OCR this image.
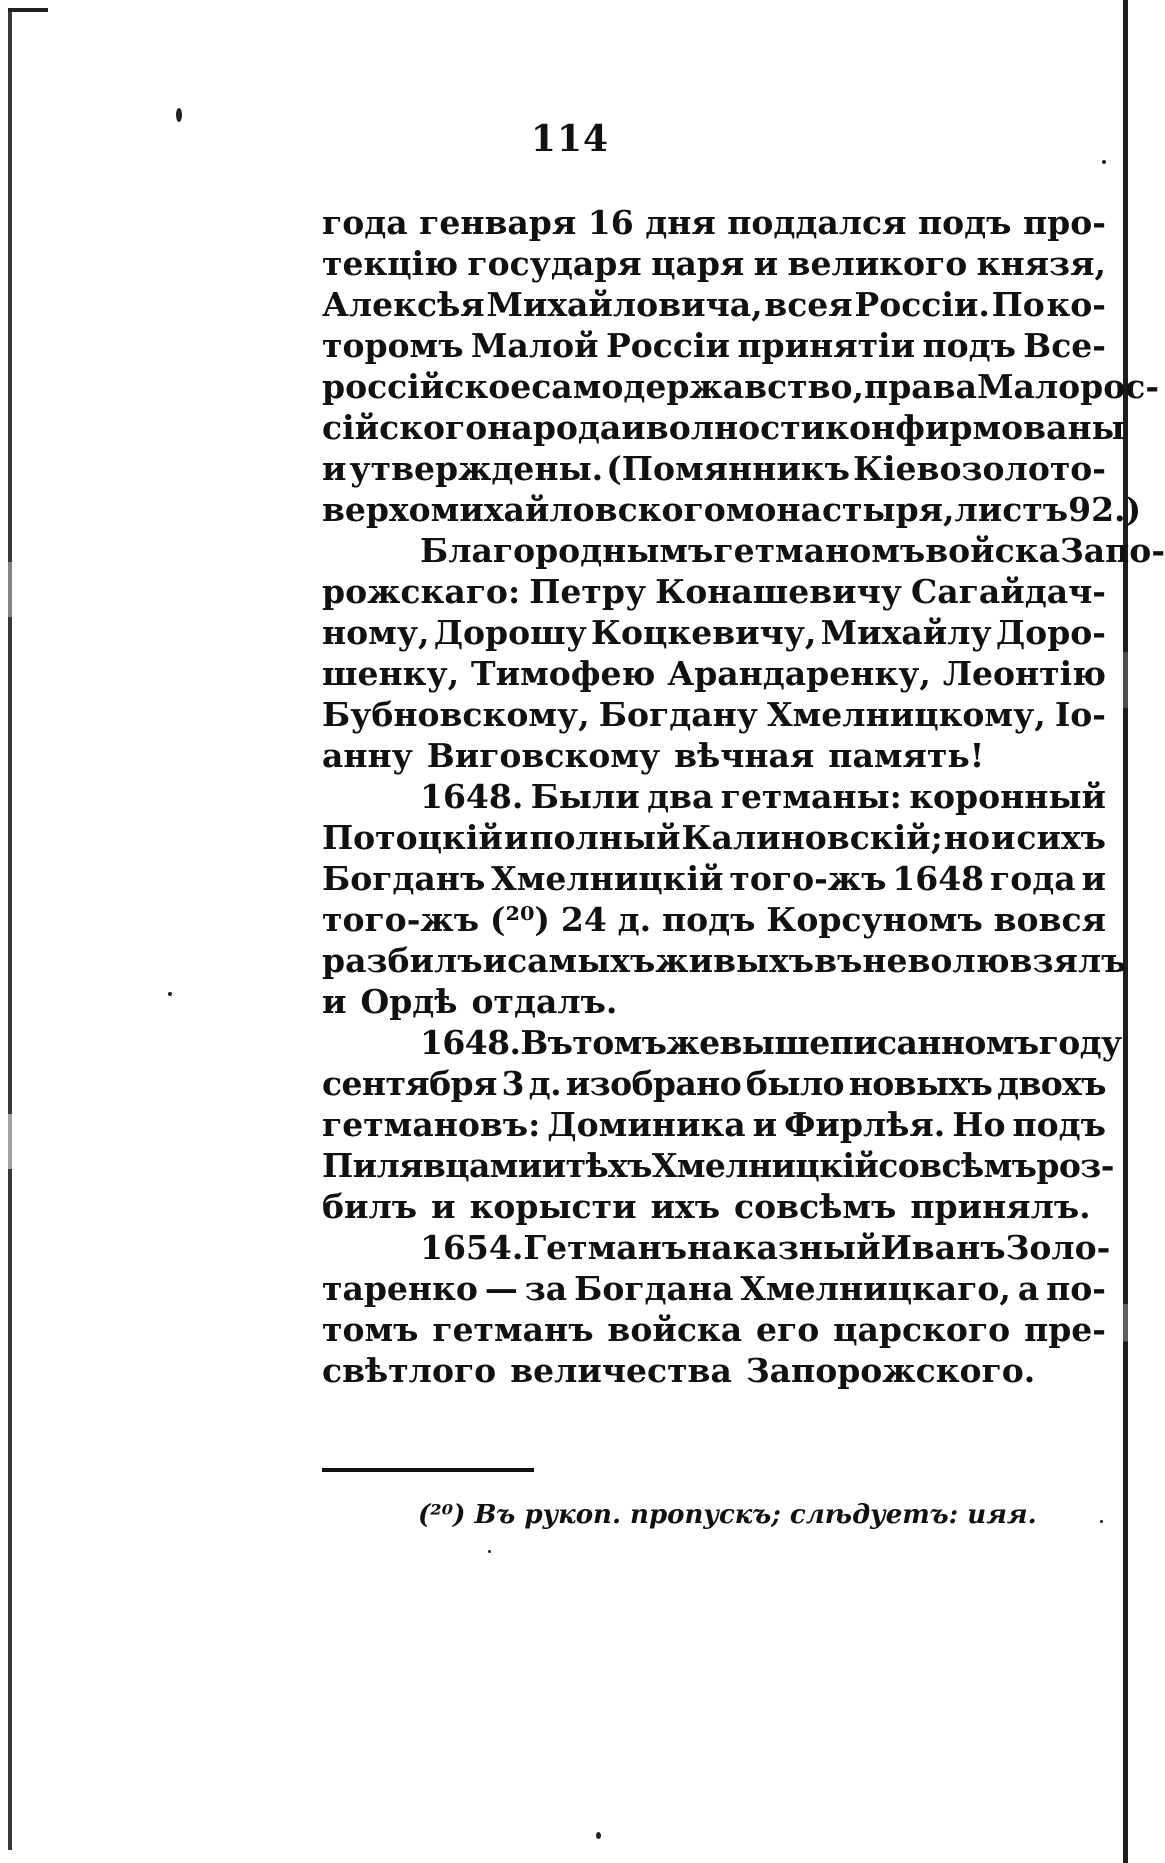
114
года генваря 16 дня поддался подъ про-
текцію государя царя и великого князя,
Алексѣя Михайловича, всея Россіи. По ко-
торомъ Малой Россіи принятіи подъ Все-
россійское самодержавство, права Малорос-
сійского народа и волности конфирмованы
и утверждены. (Помянникъ Кіевозолото-
верхомихайловского монастыря, листъ 92.)
Благороднымъ гетманомъ войска Запо-
рожскаго: Петру Конашевичу Сагайдач-
ному, Дорошу Коцкевичу, Михайлу Доро-
шенку, Тимофею Арандаренку, Леонтію
Бубновскому, Богдану Хмелницкому, Іо-
анну Виговскому вѣчная память!
1648. Были два гетманы: коронный
Потоцкій и полный Калиновскій; но и сихъ
Богданъ Хмелницкій того-жъ 1648 года и
того-жъ (²⁰) 24 д. подъ Корсуномъ вовся
разбилъ и самыхъ живыхъ въ неволю взялъ
и Ордѣ отдалъ.
1648. Въ томъ же вышеписанномъ году
сентября 3 д. изобрано было новыхъ двохъ
гетмановъ: Доминика и Фирлѣя. Но подъ
Пилявцами и тѣхъ Хмелницкій совсѣмъ роз-
билъ и корысти ихъ совсѣмъ принялъ.
1654. Гетманъ наказный Иванъ Золо-
таренко — за Богдана Хмелницкаго, а по-
томъ гетманъ войска его царского пре-
свѣтлого величества Запорожского.
(²⁰) Въ рукоп. пропускъ; слѣдуетъ: ияя.
